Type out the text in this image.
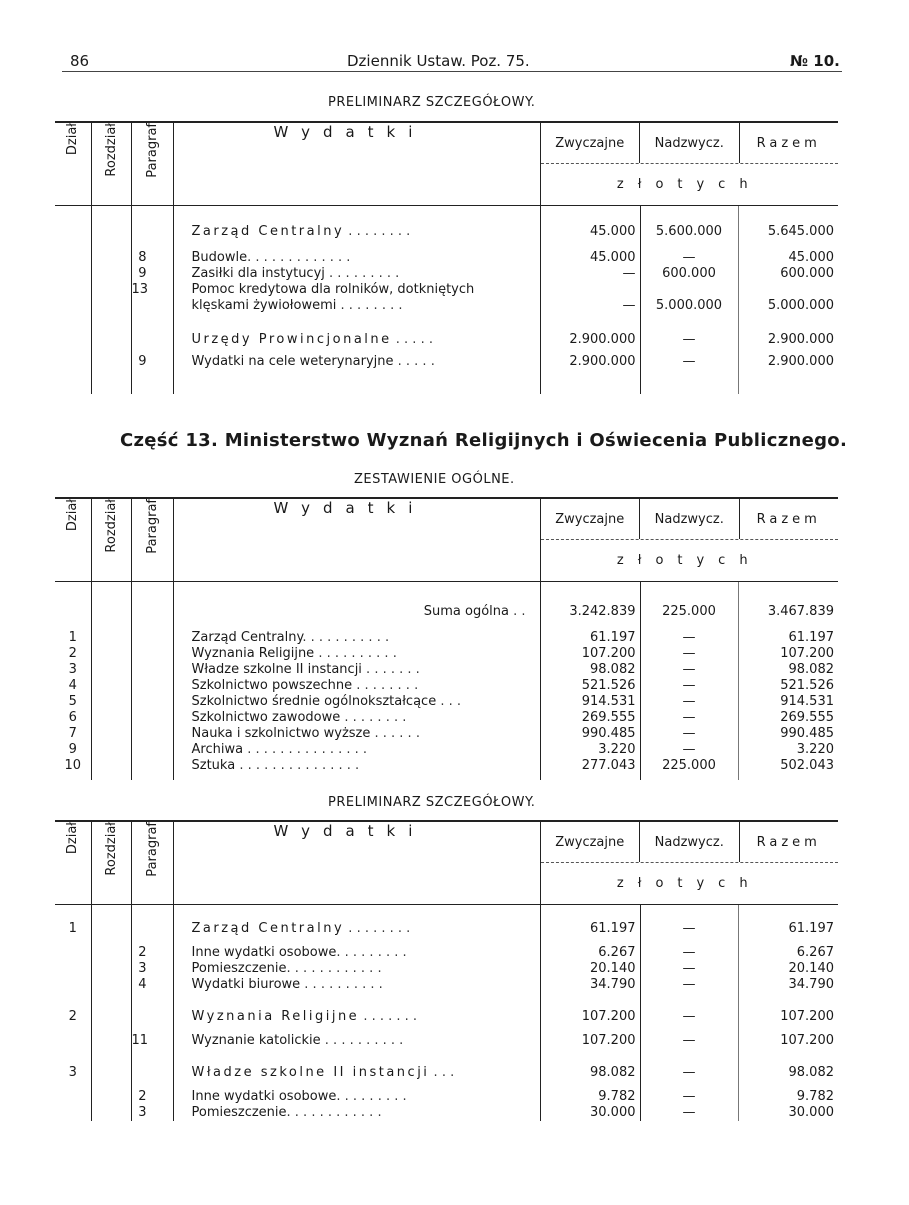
86	Dziennik Ustaw. Poz. 75.	№ 10.
PRELIMINARZ SZCZEGÓŁOWY.
Dział	Rozdział	Paragraf	Wydatki	Zwyczajne Nadzwycz. Razem
złotych		

			Zarząd Centralny . . . . . . . .	45.000	5.600.000	5.645.000
		8	Budowle. . . . . . . . . . . . .	45.000	—	45.000
		9	Zasiłki dla instytucyj . . . . . . . . .	—	600.000	600.000
		13	Pomoc kredytowa dla rolników, dotkniętych			
			klęskami żywiołowemi . . . . . . . .	—	5.000.000	5.000.000
			Urzędy Prowincjonalne . . . . .	2.900.000	—	2.900.000
		9	Wydatki na cele weterynaryjne . . . . .	2.900.000	—	2.900.000
Część 13. Ministerstwo Wyznań Religijnych i Oświecenia Publicznego.
ZESTAWIENIE OGÓLNE.
Dział	Rozdział	Paragraf	Wydatki	Zwyczajne Nadzwycz. Razem
złotych		

			Suma ogólna . .	3.242.839	225.000	3.467.839
1			Zarząd Centralny. . . . . . . . . . .	61.197	—	61.197
2			Wyznania Religijne . . . . . . . . . .	107.200	—	107.200
3			Władze szkolne II instancji . . . . . . .	98.082	—	98.082
4			Szkolnictwo powszechne . . . . . . . .	521.526	—	521.526
5			Szkolnictwo średnie ogólnokształcące . . .	914.531	—	914.531
6			Szkolnictwo zawodowe . . . . . . . .	269.555	—	269.555
7			Nauka i szkolnictwo wyższe . . . . . .	990.485	—	990.485
9			Archiwa . . . . . . . . . . . . . . .	3.220	—	3.220
10			Sztuka . . . . . . . . . . . . . . .	277.043	225.000	502.043
PRELIMINARZ SZCZEGÓŁOWY.
Dział	Rozdział	Paragraf	Wydatki	Zwyczajne Nadzwycz. Razem
złotych		

1			Zarząd Centralny . . . . . . . .	61.197	—	61.197
		2	Inne wydatki osobowe. . . . . . . . .	6.267	—	6.267
		3	Pomieszczenie. . . . . . . . . . . .	20.140	—	20.140
		4	Wydatki biurowe . . . . . . . . . .	34.790	—	34.790
2			Wyznania Religijne . . . . . . .	107.200	—	107.200
		11	Wyznanie katolickie . . . . . . . . . .	107.200	—	107.200
3			Władze szkolne II instancji . . .	98.082	—	98.082
		2	Inne wydatki osobowe. . . . . . . . .	9.782	—	9.782
		3	Pomieszczenie. . . . . . . . . . . .	30.000	—	30.000
